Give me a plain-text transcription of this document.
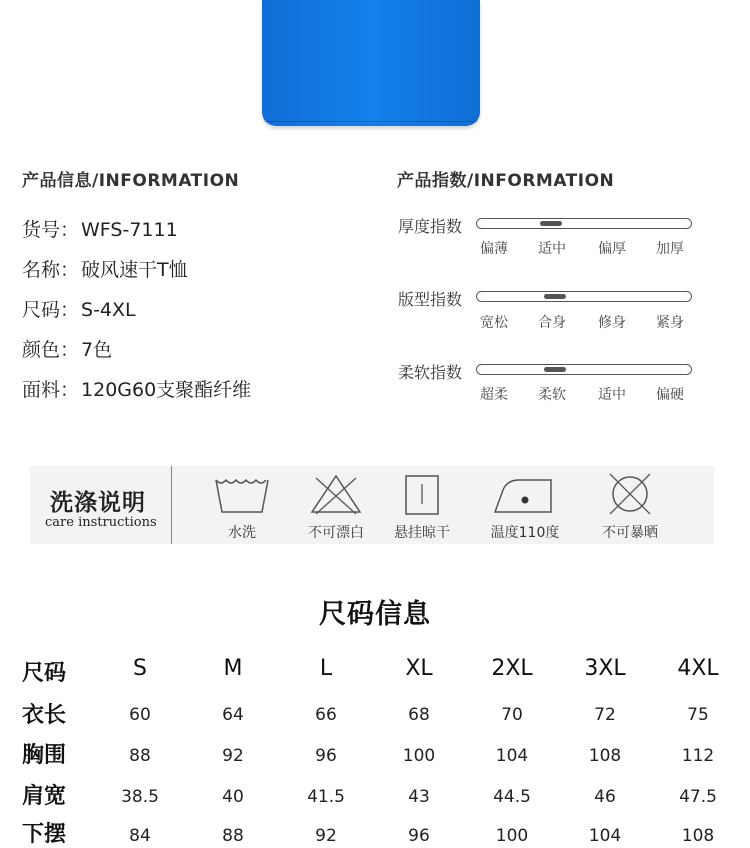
产品信息/INFORMATION
货号： WFS-7111
名称： 破风速干T恤
尺码： S-4XL
颜色： 7色
面料： 120G60支聚酯纤维
产品指数/INFORMATION
厚度指数
偏薄 适中 偏厚 加厚
版型指数
宽松 合身 修身 紧身
柔软指数
超柔 柔软 适中 偏硬
洗涤说明
care instructions
水洗	不可漂白	悬挂晾干	温度110度	不可暴晒
尺码信息
尺码	S	M	L	XL	2XL	3XL	4XL
衣长	60	64	66	68	70	72	75
胸围	88	92	96	100	104	108	112
肩宽	38.5	40	41.5	43	44.5	46	47.5
下摆	84	88	92	96	100	104	108
